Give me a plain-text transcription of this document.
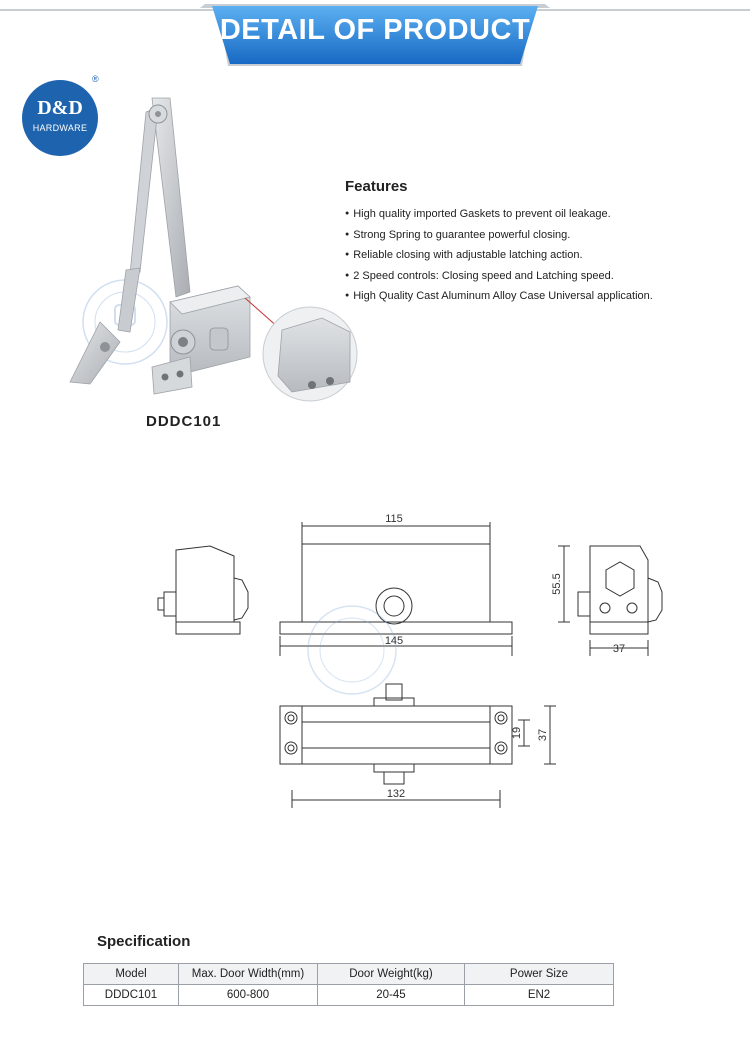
DETAIL OF PRODUCT
D&D
HARDWARE
®
DDDC101
Features
● High quality imported Gaskets to prevent oil leakage.
● Strong Spring to guarantee powerful closing.
● Reliable closing with adjustable latching action.
● 2 Speed controls: Closing speed and Latching speed.
● High Quality Cast Aluminum Alloy Case Universal application.
115
145
55.5
37
132
19 37
Specification
Model	Max. Door Width(mm)	Door Weight(kg)	Power Size
DDDC101	600-800	20-45	EN2
